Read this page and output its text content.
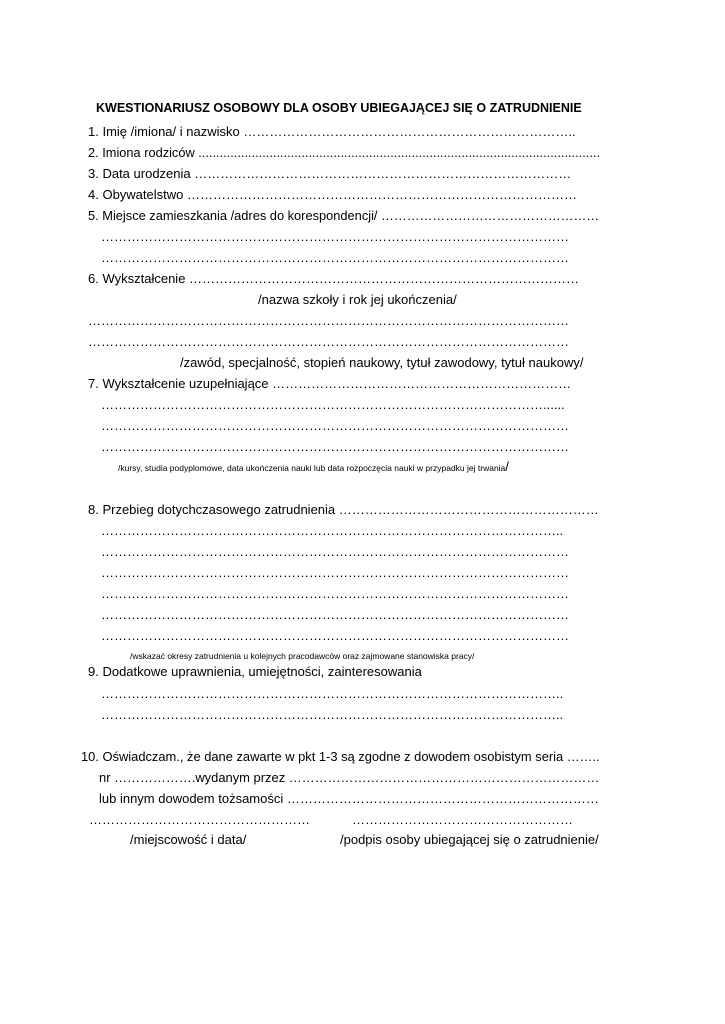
KWESTIONARIUSZ OSOBOWY DLA OSOBY UBIEGAJĄCEJ SIĘ O ZATRUDNIENIE
1. Imię /imiona/ i nazwisko …………………………………………………………………..
2. Imiona rodziców .................................................................................................................
3. Data urodzenia ……………………………………………………………………………
4. Obywatelstwo ………………………………………………………………………………
5. Miejsce zamieszkania /adres do korespondencji/ ……………………………………………
………………………………………………………………………………………………
………………………………………………………………………………………………
6. Wykształcenie ………………………………………………………………………………
/nazwa szkoły i rok jej ukończenia/
…………………………………………………………………………………………………
…………………………………………………………………………………………………
/zawód, specjalność, stopień naukowy, tytuł zawodowy, tytuł naukowy/
7. Wykształcenie uzupełniające ……………………………………………………………
…………………………………………………………………………………………......
………………………………………………………………………………………………
………………………………………………………………………………………………
/kursy, studia podyplomowe, data ukończenia nauki lub data rozpoczęcia nauki w przypadku jej trwania/
8. Przebieg dotychczasowego zatrudnienia ……………………………………………………
……………………………………………………………………………………………..
………………………………………………………………………………………………
………………………………………………………………………………………………
………………………………………………………………………………………………
………………………………………………………………………………………………
………………………………………………………………………………………………
/wskazać okresy zatrudnienia u kolejnych pracodawców oraz zajmowane stanowiska pracy/
9. Dodatkowe uprawnienia, umiejętności, zainteresowania
……………………………………………………………………………………………..
……………………………………………………………………………………………..
10. Oświadczam., że dane zawarte w pkt 1-3 są zgodne z dowodem osobistym seria ……..
nr ……………….wydanym przez ………………………………………………………………
lub innym dowodem tożsamości ………………………………………………………………
……………………………………………	……………………………………………
/miejscowość i data/	/podpis osoby ubiegającej się o zatrudnienie/
